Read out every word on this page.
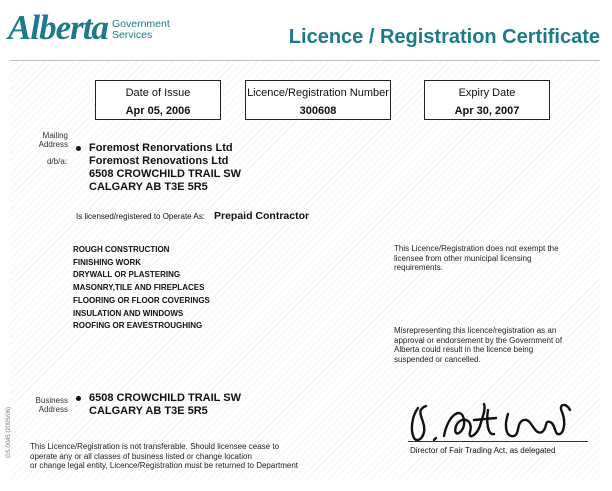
Alberta Government
Services	Licence / Registration Certificate
Date of Issue
Apr 05, 2006
Licence/Registration Number
300608
Expiry Date
Apr 30, 2007
Mailing
Address
d/b/a:
Foremost Renorvations Ltd
Foremost Renovations Ltd
6508 CROWCHILD TRAIL SW
CALGARY AB T3E 5R5
Is licensed/registered to Operate As: Prepaid Contractor
ROUGH CONSTRUCTION
FINISHING WORK
DRYWALL OR PLASTERING
MASONRY,TILE AND FIREPLACES
FLOORING OR FLOOR COVERINGS
INSULATION AND WINDOWS
ROOFING OR EAVESTROUGHING
This Licence/Registration does not exempt the
licensee from other municipal licensing
requirements.
Misrepresenting this licence/registration as an
approval or endorsement by the Government of
Alberta could result in the licence being
suspended or cancelled.
Business
Address
6508 CROWCHILD TRAIL SW
CALGARY AB T3E 5R5
Director of Fair Trading Act, as delegated
This Licence/Registration is not transferable. Should licensee cease to
operate any or all classes of business listed or change location
or change legal entity, Licence/Registration must be returned to Department
GS 0045 (2005/06)
